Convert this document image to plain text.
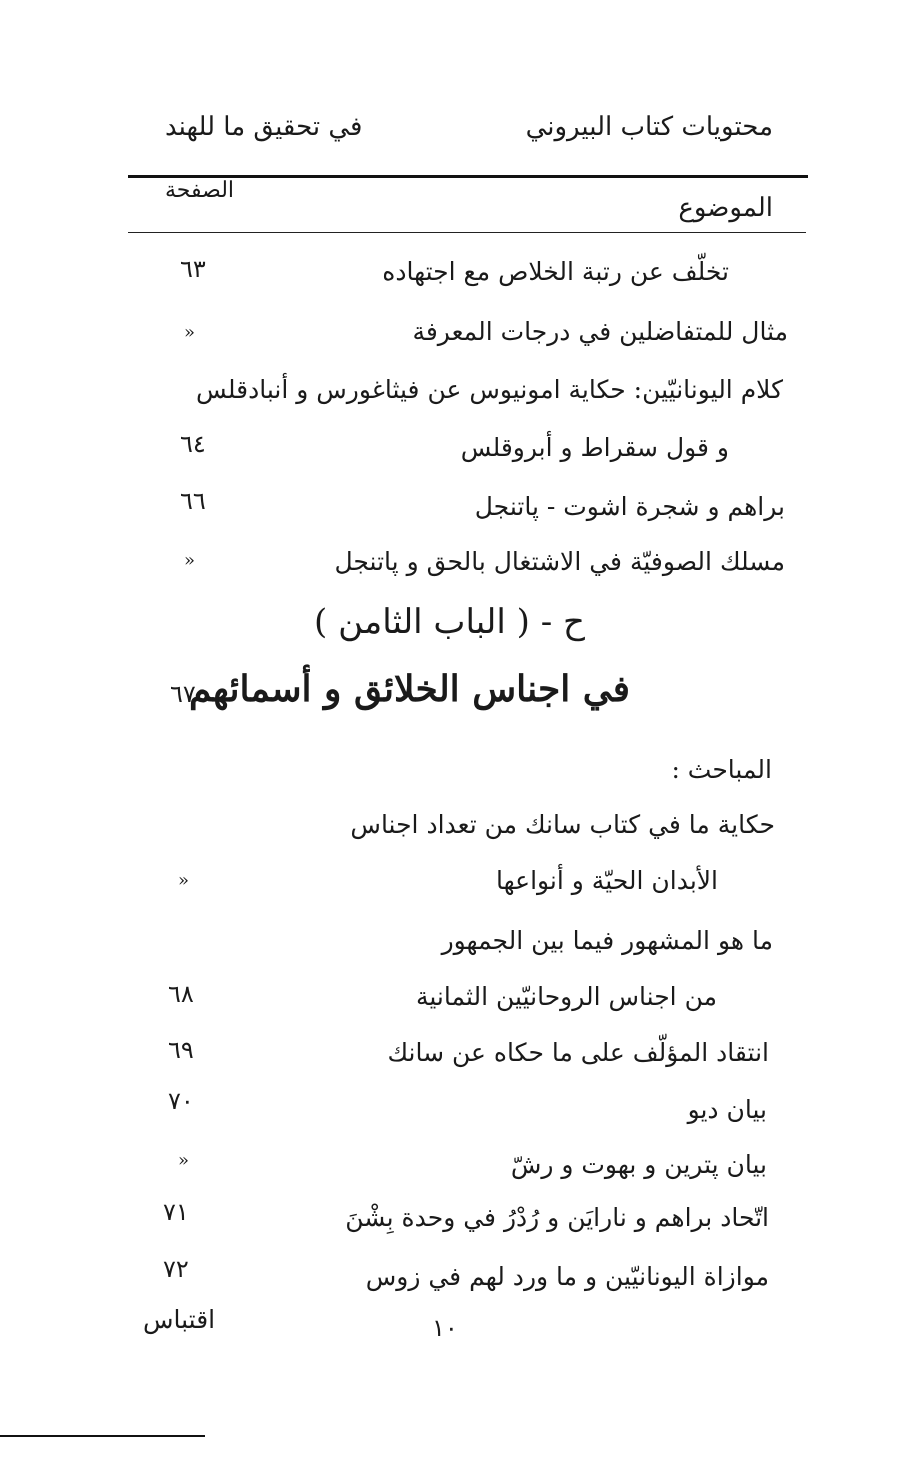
محتويات كتاب البيروني
في تحقيق ما للهند
الموضوع
الصفحة
تخلّف عن رتبة الخلاص مع اجتهاده
٦٣
مثال للمتفاضلين في درجات المعرفة
»
كلام اليونانيّين: حكاية امونيوس عن فيثاغورس و أنبادقلس
و قول سقراط و أبروقلس
٦٤
براهم و شجرة اشوت - پاتنجل
٦٦
مسلك الصوفيّة في الاشتغال بالحق و پاتنجل
»
ح - ( الباب الثامن )
في اجناس الخلائق و أسمائهم
٦٧
المباحث :
حكاية ما في كتاب سانك من تعداد اجناس
الأبدان الحيّة و أنواعها
»
ما هو المشهور فيما بين الجمهور
من اجناس الروحانيّين الثمانية
٦٨
انتقاد المؤلّف على ما حكاه عن سانك
٦٩
بيان ديو
٧٠
بيان پترين و بهوت و رشّ
»
اتّحاد براهم و نارايَن و رُدْرُ في وحدة بِشْنَ
٧١
موازاة اليونانيّين و ما ورد لهم في زوس
٧٢
اقتباس	١٠
